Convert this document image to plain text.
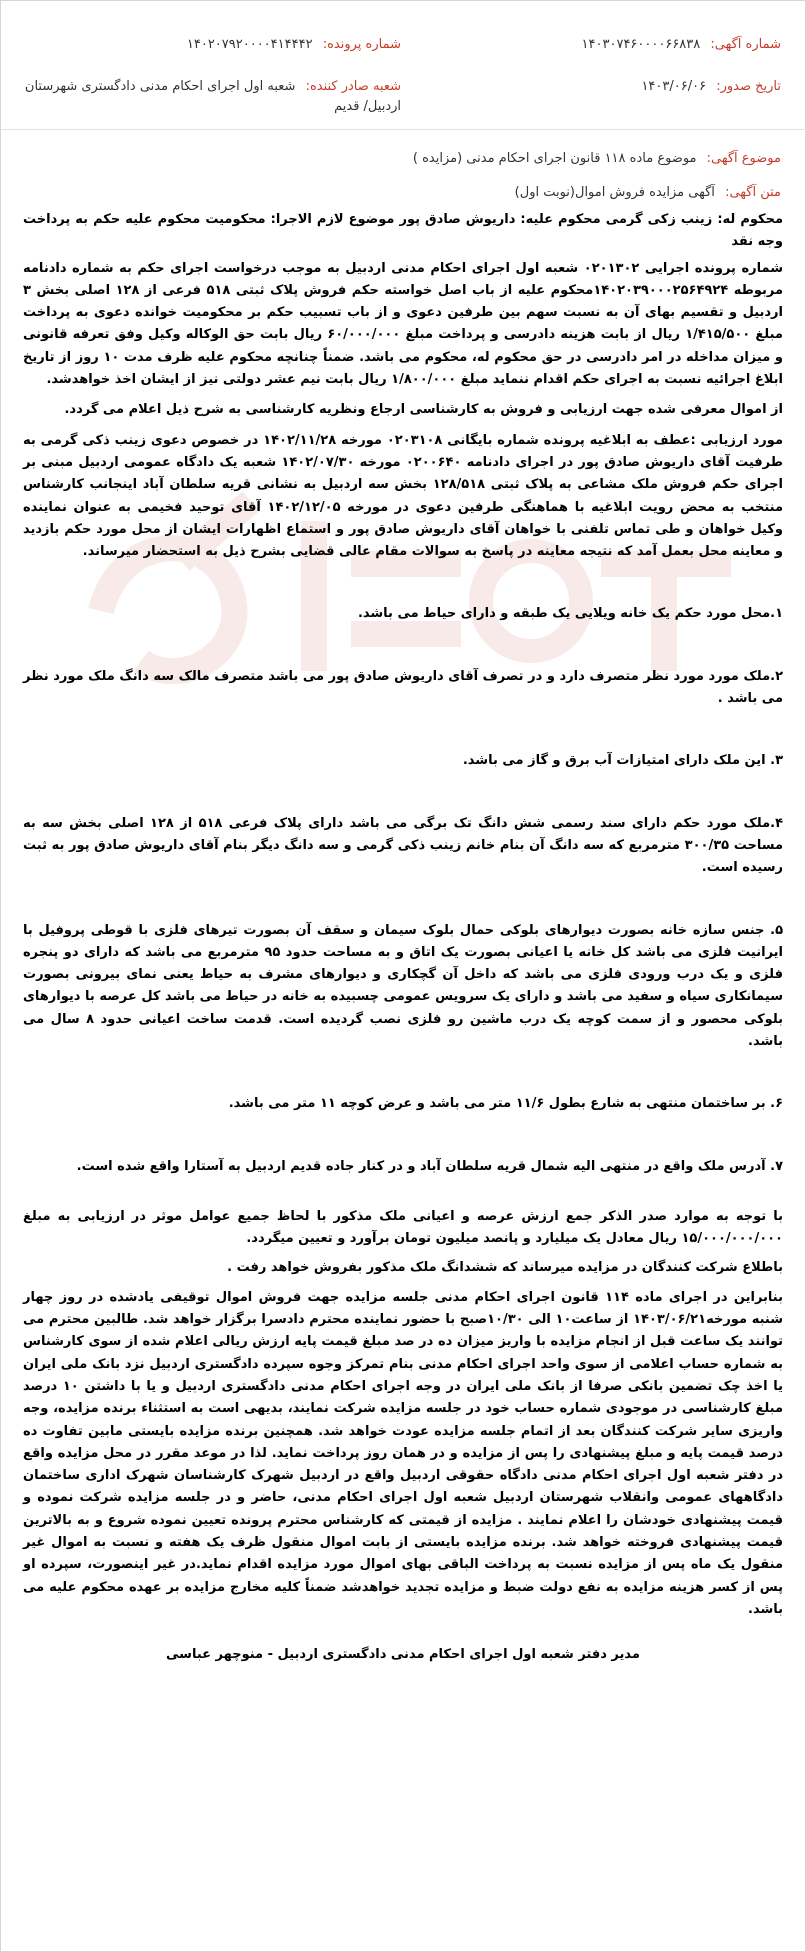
شماره آگهی: ۱۴۰۳۰۷۴۶۰۰۰۰۶۶۸۳۸
شماره پرونده: ۱۴۰۲۰۷۹۲۰۰۰۰۴۱۴۴۴۲
تاریخ صدور: ۱۴۰۳/۰۶/۰۶
شعبه صادر کننده: شعبه اول اجرای احکام مدنی دادگستری شهرستان اردبیل/ قدیم
موضوع آگهی: موضوع ماده ۱۱۸ قانون اجرای احکام مدنی (مزایده )
متن آگهی: آگهی مزایده فروش اموال(نوبت اول)

محکوم له: زینب زکی گرمی محکوم علیه: داریوش صادق پور موضوع لازم الاجرا: محکومیت محکوم علیه حکم به پرداخت وجه نقد

شماره پرونده اجرایی ۰۲۰۱۳۰۲ شعبه اول اجرای احکام مدنی اردبیل به موجب درخواست اجرای حکم به شماره دادنامه مربوطه ۱۴۰۲۰۳۹۰۰۰۲۵۶۴۹۲۴محکوم علیه از باب اصل خواسته حکم فروش پلاک ثبتی ۵۱۸ فرعی از ۱۲۸ اصلی بخش ۳ اردبیل و تقسیم بهای آن به نسبت سهم بین طرفین دعوی و از باب تسبیب حکم بر محکومیت خوانده دعوی به پرداخت مبلغ ۱/۴۱۵/۵۰۰ ریال از بابت هزینه دادرسی و پرداخت مبلغ ۶۰/۰۰۰/۰۰۰ ریال بابت حق الوکاله وکیل وفق تعرفه قانونی و میزان مداخله در امر دادرسی در حق محکوم له، محکوم می باشد. ضمناً چنانچه محکوم علیه ظرف مدت ۱۰ روز از تاریخ ابلاغ اجرائیه نسبت به اجرای حکم اقدام ننماید مبلغ ۱/۸۰۰/۰۰۰ ریال بابت نیم عشر دولتی نیز از ایشان اخذ خواهدشد.

از اموال معرفی شده جهت ارزیابی و فروش به کارشناسی ارجاع ونظریه کارشناسی به شرح ذیل اعلام می گردد.

مورد ارزیابی :عطف به ابلاغیه پرونده شماره بایگانی ۰۲۰۳۱۰۸ مورخه ۱۴۰۲/۱۱/۲۸ در خصوص دعوی زینب ذکی گرمی به طرفیت آقای داریوش صادق پور در اجرای دادنامه ۰۲۰۰۶۴۰ مورخه ۱۴۰۲/۰۷/۳۰ شعبه یک دادگاه عمومی اردبیل مبنی بر اجرای حکم فروش ملک مشاعی به پلاک ثبتی ۱۲۸/۵۱۸ بخش سه اردبیل به نشانی قریه سلطان آباد اینجانب کارشناس منتخب به محض رویت ابلاغیه با هماهنگی طرفین دعوی در مورخه ۱۴۰۲/۱۲/۰۵ آقای توحید فخیمی به عنوان نماینده وکیل خواهان و طی تماس تلفنی با خواهان آقای داریوش صادق پور و استماع اظهارات ایشان از محل مورد حکم بازدید و معاینه محل بعمل آمد که نتیجه معاینه در پاسخ به سوالات مقام عالی قضایی بشرح ذیل به استحضار میرساند.

۱.محل مورد حکم یک خانه ویلایی یک طبقه و دارای حیاط می باشد.

۲.ملک مورد مورد نظر متصرف دارد و در تصرف آقای داریوش صادق پور می باشد متصرف مالک سه دانگ ملک مورد نظر می باشد .

۳. این ملک دارای امتیازات آب برق و گاز می باشد.

۴.ملک مورد حکم دارای سند رسمی شش دانگ تک برگی می باشد دارای پلاک فرعی ۵۱۸ از ۱۲۸ اصلی بخش سه به مساحت ۳۰۰/۳۵ مترمربع که سه دانگ آن بنام خانم زینب ذکی گرمی و سه دانگ دیگر بنام آقای داریوش صادق پور به ثبت رسیده است.

۵. جنس سازه خانه بصورت دیوارهای بلوکی حمال بلوک سیمان و سقف آن بصورت تیرهای فلزی با قوطی پروفیل با ایرانیت فلزی می باشد کل خانه یا اعیانی بصورت یک اتاق و به مساحت حدود ۹۵ مترمربع می باشد که دارای دو پنجره فلزی و یک درب ورودی فلزی می باشد که داخل آن گچکاری و دیوارهای مشرف به حیاط یعنی نمای بیرونی بصورت سیمانکاری سیاه و سفید می باشد و دارای یک سرویس عمومی چسبیده به خانه در حیاط می باشد کل عرصه با دیوارهای بلوکی محصور و از سمت کوچه یک درب ماشین رو فلزی نصب گردیده است. قدمت ساخت اعیانی حدود ۸ سال می باشد.

۶. بر ساختمان منتهی به شارع بطول ۱۱/۶ متر می باشد و عرض کوچه ۱۱ متر می باشد.

۷. آدرس ملک واقع در منتهی الیه شمال قریه سلطان آباد و در کنار جاده قدیم اردبیل به آستارا واقع شده است.

با توجه به موارد صدر الذکر جمع ارزش عرصه و اعیانی ملک مذکور با لحاظ جمیع عوامل موثر در ارزیابی به مبلغ ۱۵/۰۰۰/۰۰۰/۰۰۰ ریال معادل یک میلیارد و پانصد میلیون تومان برآورد و تعیین میگردد.

باطلاع شرکت کنندگان در مزایده میرساند که ششدانگ ملک مذکور بفروش خواهد رفت .

بنابراین در اجرای ماده ۱۱۴ قانون اجرای احکام مدنی جلسه مزایده جهت فروش اموال توقیفی یادشده در روز چهار شنبه مورخه۱۴۰۳/۰۶/۲۱ از ساعت۱۰ الی ۱۰/۳۰صبح با حضور نماینده محترم دادسرا برگزار خواهد شد. طالبین محترم می توانند یک ساعت قبل از انجام مزایده با واریز میزان ده در صد مبلغ قیمت پایه ارزش ریالی اعلام شده از سوی کارشناس به شماره حساب اعلامی از سوی واحد اجرای احکام مدنی بنام تمرکز وجوه سپرده دادگستری اردبیل نزد بانک ملی ایران یا اخذ چک تضمین بانکی صرفا از بانک ملی ایران در وجه اجرای احکام مدنی دادگستری اردبیل و یا با داشتن ۱۰ درصد مبلغ کارشناسی در موجودی شماره حساب خود در جلسه مزایده شرکت نمایند، بدیهی است به استثناء برنده مزایده، وجه واریزی سایر شرکت کنندگان بعد از اتمام جلسه مزایده عودت خواهد شد. همچنین برنده مزایده بایستی مابین تفاوت ده درصد قیمت پایه و مبلغ پیشنهادی را پس از مزایده و در همان روز پرداخت نماید. لذا در موعد مقرر در محل مزایده واقع در دفتر شعبه اول اجرای احکام مدنی دادگاه حقوقی اردبیل واقع در اردبیل شهرک کارشناسان شهرک اداری ساختمان دادگاههای عمومی وانقلاب شهرستان اردبیل شعبه اول اجرای احکام مدنی، حاضر و در جلسه مزایده شرکت نموده و قیمت پیشنهادی خودشان را اعلام نمایند . مزایده از قیمتی که کارشناس محترم پرونده تعیین نموده شروع و به بالاترین قیمت پیشنهادی فروخته خواهد شد. برنده مزایده بایستی از بابت اموال منقول ظرف یک هفته و نسبت به اموال غیر منقول یک ماه پس از مزایده نسبت به پرداخت الباقی بهای اموال مورد مزایده اقدام نماید.در غیر اینصورت، سپرده او پس از کسر هزینه مزایده به نفع دولت ضبط و مزایده تجدید خواهدشد ضمناً کلیه مخارج مزایده بر عهده محکوم علیه می باشد.

مدیر دفتر شعبه اول اجرای احکام مدنی دادگستری اردبیل - منوچهر عباسی
